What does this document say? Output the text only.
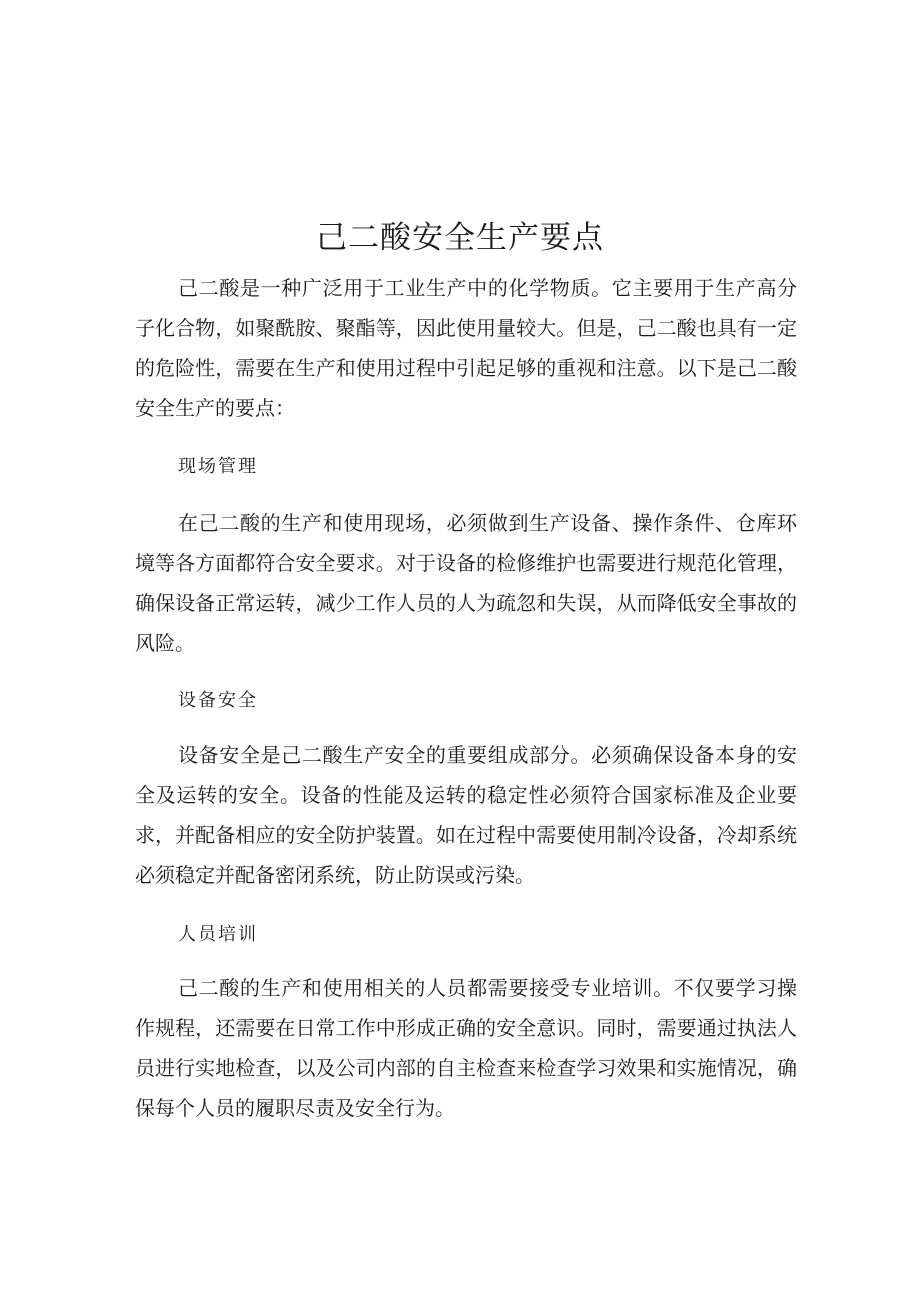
己二酸安全生产要点

己二酸是一种广泛用于工业生产中的化学物质。它主要用于生产高分子化合物，如聚酰胺、聚酯等，因此使用量较大。但是，己二酸也具有一定的危险性，需要在生产和使用过程中引起足够的重视和注意。以下是己二酸安全生产的要点：

现场管理

在己二酸的生产和使用现场，必须做到生产设备、操作条件、仓库环境等各方面都符合安全要求。对于设备的检修维护也需要进行规范化管理，确保设备正常运转，减少工作人员的人为疏忽和失误，从而降低安全事故的风险。

设备安全

设备安全是己二酸生产安全的重要组成部分。必须确保设备本身的安全及运转的安全。设备的性能及运转的稳定性必须符合国家标准及企业要求，并配备相应的安全防护装置。如在过程中需要使用制冷设备，冷却系统必须稳定并配备密闭系统，防止防误或污染。

人员培训

己二酸的生产和使用相关的人员都需要接受专业培训。不仅要学习操作规程，还需要在日常工作中形成正确的安全意识。同时，需要通过执法人员进行实地检查，以及公司内部的自主检查来检查学习效果和实施情况，确保每个人员的履职尽责及安全行为。
